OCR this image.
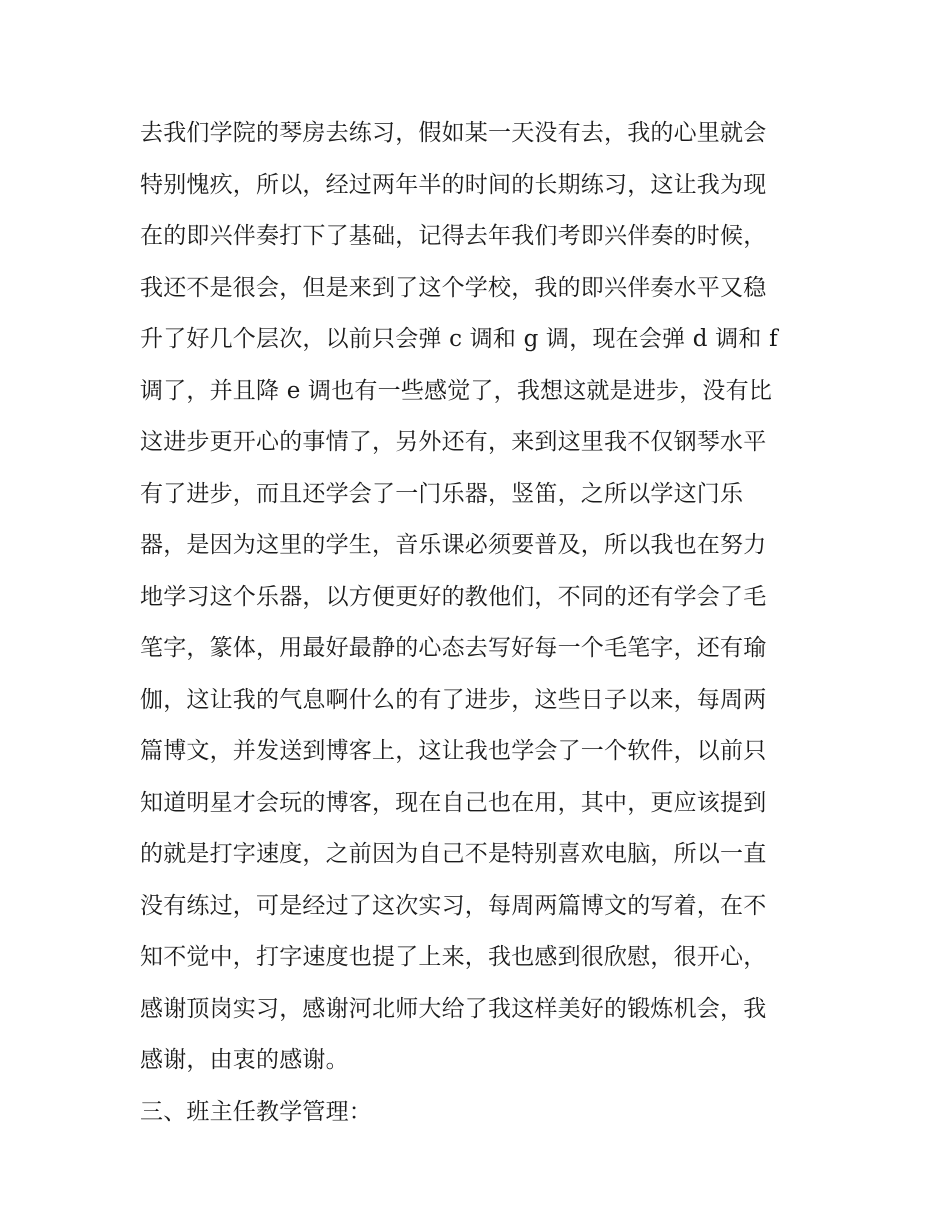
去我们学院的琴房去练习，假如某一天没有去，我的心里就会
特别愧疚，所以，经过两年半的时间的长期练习，这让我为现
在的即兴伴奏打下了基础，记得去年我们考即兴伴奏的时候，
我还不是很会，但是来到了这个学校，我的即兴伴奏水平又稳
升了好几个层次，以前只会弹 c 调和 g 调，现在会弹 d 调和 f
调了，并且降 e 调也有一些感觉了，我想这就是进步，没有比
这进步更开心的事情了，另外还有，来到这里我不仅钢琴水平
有了进步，而且还学会了一门乐器，竖笛，之所以学这门乐
器，是因为这里的学生，音乐课必须要普及，所以我也在努力
地学习这个乐器，以方便更好的教他们，不同的还有学会了毛
笔字，篆体，用最好最静的心态去写好每一个毛笔字，还有瑜
伽，这让我的气息啊什么的有了进步，这些日子以来，每周两
篇博文，并发送到博客上，这让我也学会了一个软件，以前只
知道明星才会玩的博客，现在自己也在用，其中，更应该提到
的就是打字速度，之前因为自己不是特别喜欢电脑，所以一直
没有练过，可是经过了这次实习，每周两篇博文的写着，在不
知不觉中，打字速度也提了上来，我也感到很欣慰，很开心，
感谢顶岗实习，感谢河北师大给了我这样美好的锻炼机会，我
感谢，由衷的感谢。
三、班主任教学管理：
